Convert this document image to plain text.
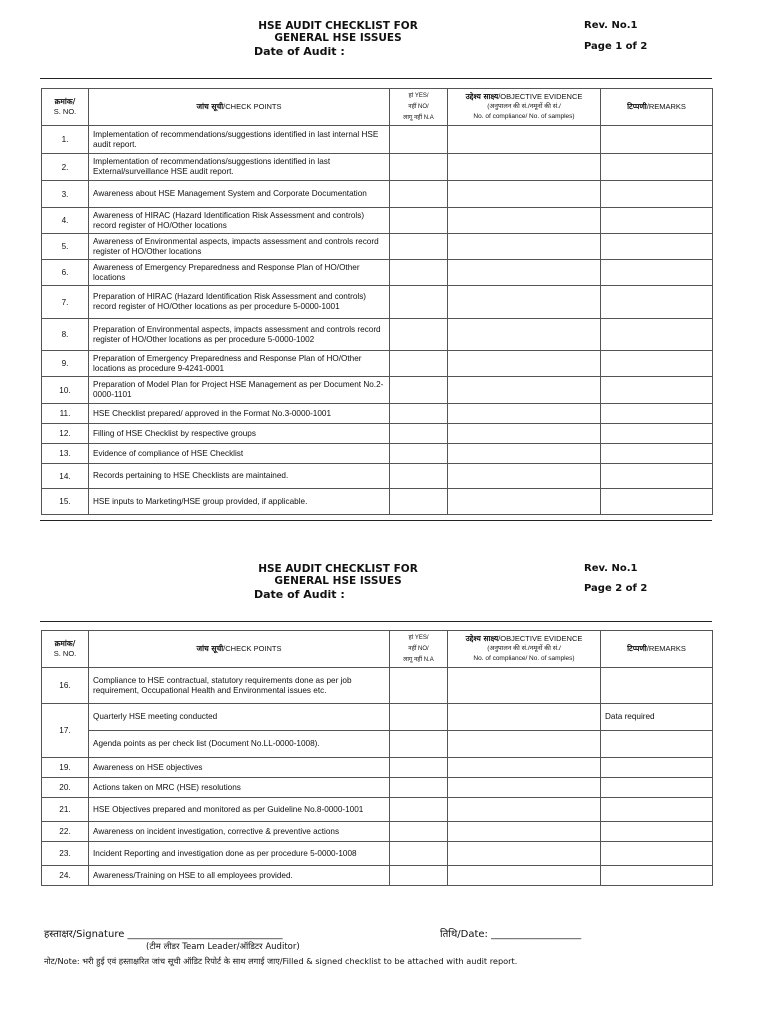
HSE AUDIT CHECKLIST FOR
GENERAL HSE ISSUES
Date of Audit :
Rev. No.1
Page 1 of 2
क्रमांक/
S. NO.	जांच सूची/CHECK POINTS	हां YES/
नहीं NO/
लागू नहीं N.A	उद्देश्य साक्ष्य/OBJECTIVE EVIDENCE
(अनुपालन की सं./नमूनों की सं./
No. of compliance/ No. of samples)	टिप्पणी/REMARKS
1.	Implementation of recommendations/suggestions identified in last internal HSE audit report.			
2.	Implementation of recommendations/suggestions identified in last External/surveillance HSE audit report.			
3.	Awareness about HSE Management System and Corporate Documentation			
4.	Awareness of HIRAC (Hazard Identification Risk Assessment and controls) record register of HO/Other locations			
5.	Awareness of Environmental aspects, impacts assessment and controls record register of HO/Other locations			
6.	Awareness of Emergency Preparedness and Response Plan of HO/Other locations			
7.	Preparation of HIRAC (Hazard Identification Risk Assessment and controls) record register of HO/Other locations as per procedure 5-0000-1001			
8.	Preparation of Environmental aspects, impacts assessment and controls record register of HO/Other locations as per procedure 5-0000-1002			
9.	Preparation of Emergency Preparedness and Response Plan of HO/Other locations as procedure 9-4241-0001			
10.	Preparation of Model Plan for Project HSE Management as per Document No.2-0000-1101			
11.	HSE Checklist prepared/ approved in the Format No.3-0000-1001			
12.	Filling of HSE Checklist by respective groups			
13.	Evidence of compliance of HSE Checklist			
14.	Records pertaining to HSE Checklists are maintained.			
15.	HSE inputs to Marketing/HSE group provided, if applicable.			
HSE AUDIT CHECKLIST FOR
GENERAL HSE ISSUES
Date of Audit :
Rev. No.1
Page 2 of 2
क्रमांक/
S. NO.	जांच सूची/CHECK POINTS	हां YES/
नहीं NO/
लागू नहीं N.A	उद्देश्य साक्ष्य/OBJECTIVE EVIDENCE
(अनुपालन की सं./नमूनों की सं./
No. of compliance/ No. of samples)	टिप्पणी/REMARKS
16.	Compliance to HSE contractual, statutory requirements done as per job requirement, Occupational Health and Environmental issues etc.			
17.	Quarterly HSE meeting conducted			Data required
	Agenda points as per check list (Document No.LL-0000-1008).			
19.	Awareness on HSE objectives			
20.	Actions taken on MRC (HSE) resolutions			
21.	HSE Objectives prepared and monitored as per Guideline No.8-0000-1001			
22.	Awareness on incident investigation, corrective & preventive actions			
23.	Incident Reporting and investigation done as per procedure 5-0000-1008			
24.	Awareness/Training on HSE to all employees provided.			
हस्ताक्षर/Signature _______________________________	तिथि/Date: __________________
(टीम लीडर Team Leader/ऑडिटर Auditor)
नोट/Note: भरी हुई एवं हस्ताक्षरित जांच सूची ऑडिट रिपोर्ट के साथ लगाई जाए/Filled & signed checklist to be attached with audit report.
